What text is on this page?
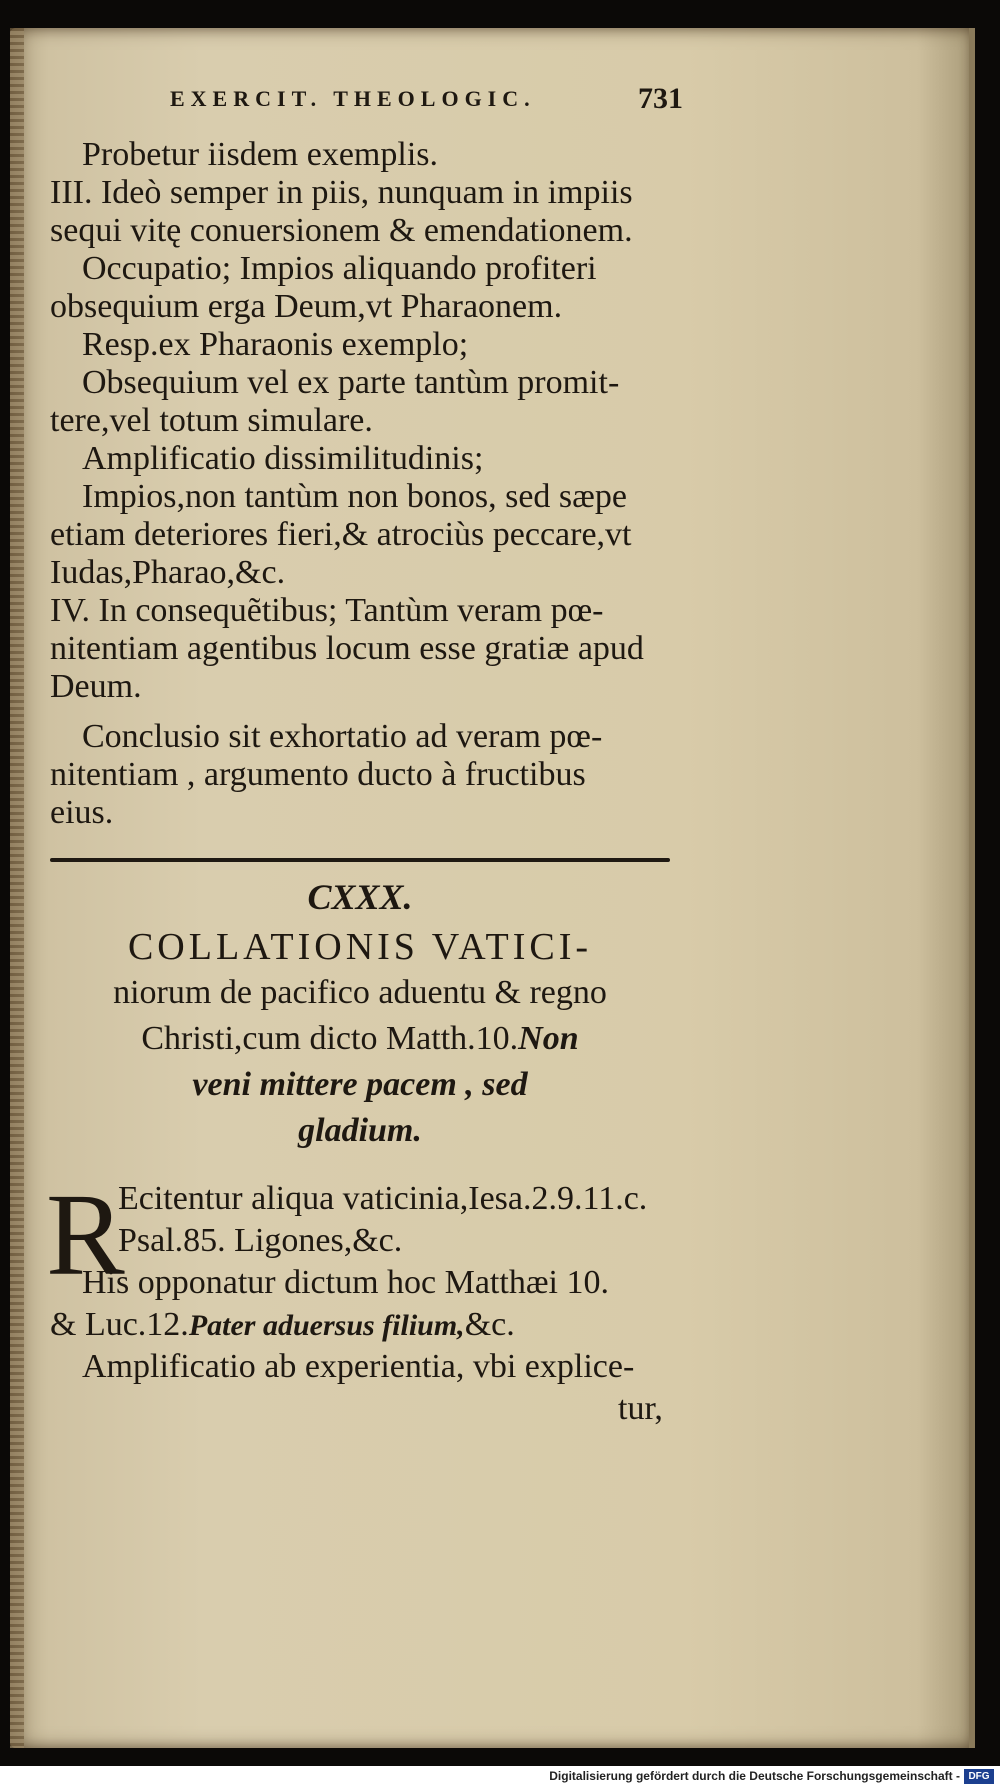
EXERCIT. THEOLOGIC.	731
Probetur iisdem exemplis.
III. Ideò semper in piis, nunquam in impiis
sequi vitę conuersionem & emendationem.
Occupatio; Impios aliquando profiteri
obsequium erga Deum,vt Pharaonem.
Resp.ex Pharaonis exemplo;
Obsequium vel ex parte tantùm promit-
tere,vel totum simulare.
Amplificatio dissimilitudinis;
Impios,non tantùm non bonos, sed sæpe
etiam deteriores fieri,& atrociùs peccare,vt
Iudas,Pharao,&c.
IV. In consequẽtibus; Tantùm veram pœ-
nitentiam agentibus locum esse gratiæ apud
Deum.
Conclusio sit exhortatio ad veram pœ-
nitentiam , argumento ducto à fructibus
eius.
CXXX.
COLLATIONIS VATICI-
niorum de pacifico aduentu & regno
Christi,cum dicto Matth.10.Non
veni mittere pacem , sed
gladium.
R
Ecitentur aliqua vaticinia,Iesa.2.9.11.c.
Psal.85. Ligones,&c.
His opponatur dictum hoc Matthæi 10.
& Luc.12.Pater aduersus filium,&c.
Amplificatio ab experientia, vbi explice-
tur,
Digitalisierung gefördert durch die Deutsche Forschungsgemeinschaft - DFG
